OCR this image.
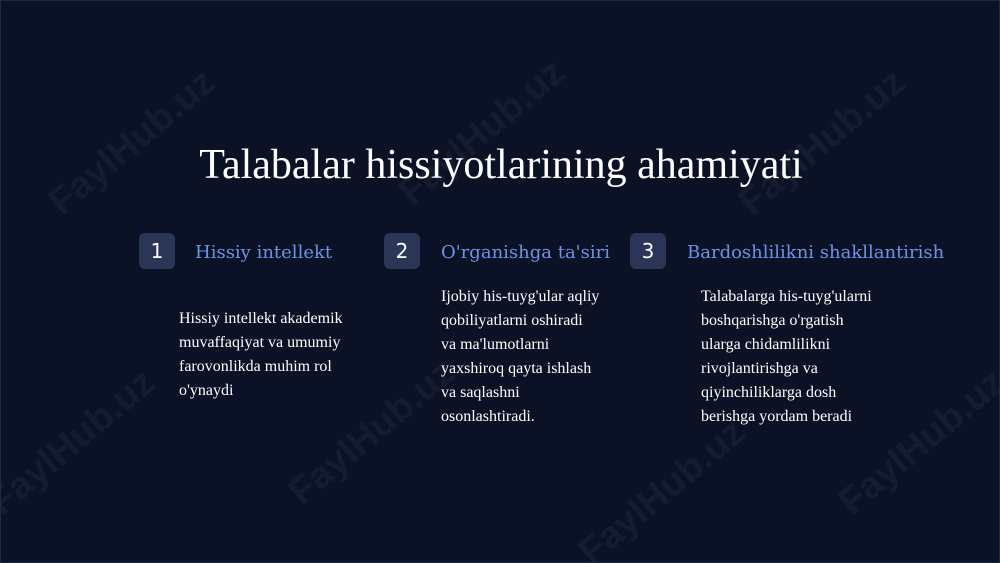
Talabalar hissiyotlarining ahamiyati
1	Hissiy intellekt
Hissiy intellekt akademik
muvaffaqiyat va umumiy
farovonlikda muhim rol
o'ynaydi
2	O'rganishga ta'siri
Ijobiy his-tuyg'ular aqliy
qobiliyatlarni oshiradi
va ma'lumotlarni
yaxshiroq qayta ishlash
va saqlashni
osonlashtiradi.
3	Bardoshlilikni shakllantirish
Talabalarga his-tuyg'ularni
boshqarishga o'rgatish
ularga chidamlilikni
rivojlantirishga va
qiyinchiliklarga dosh
berishga yordam beradi
